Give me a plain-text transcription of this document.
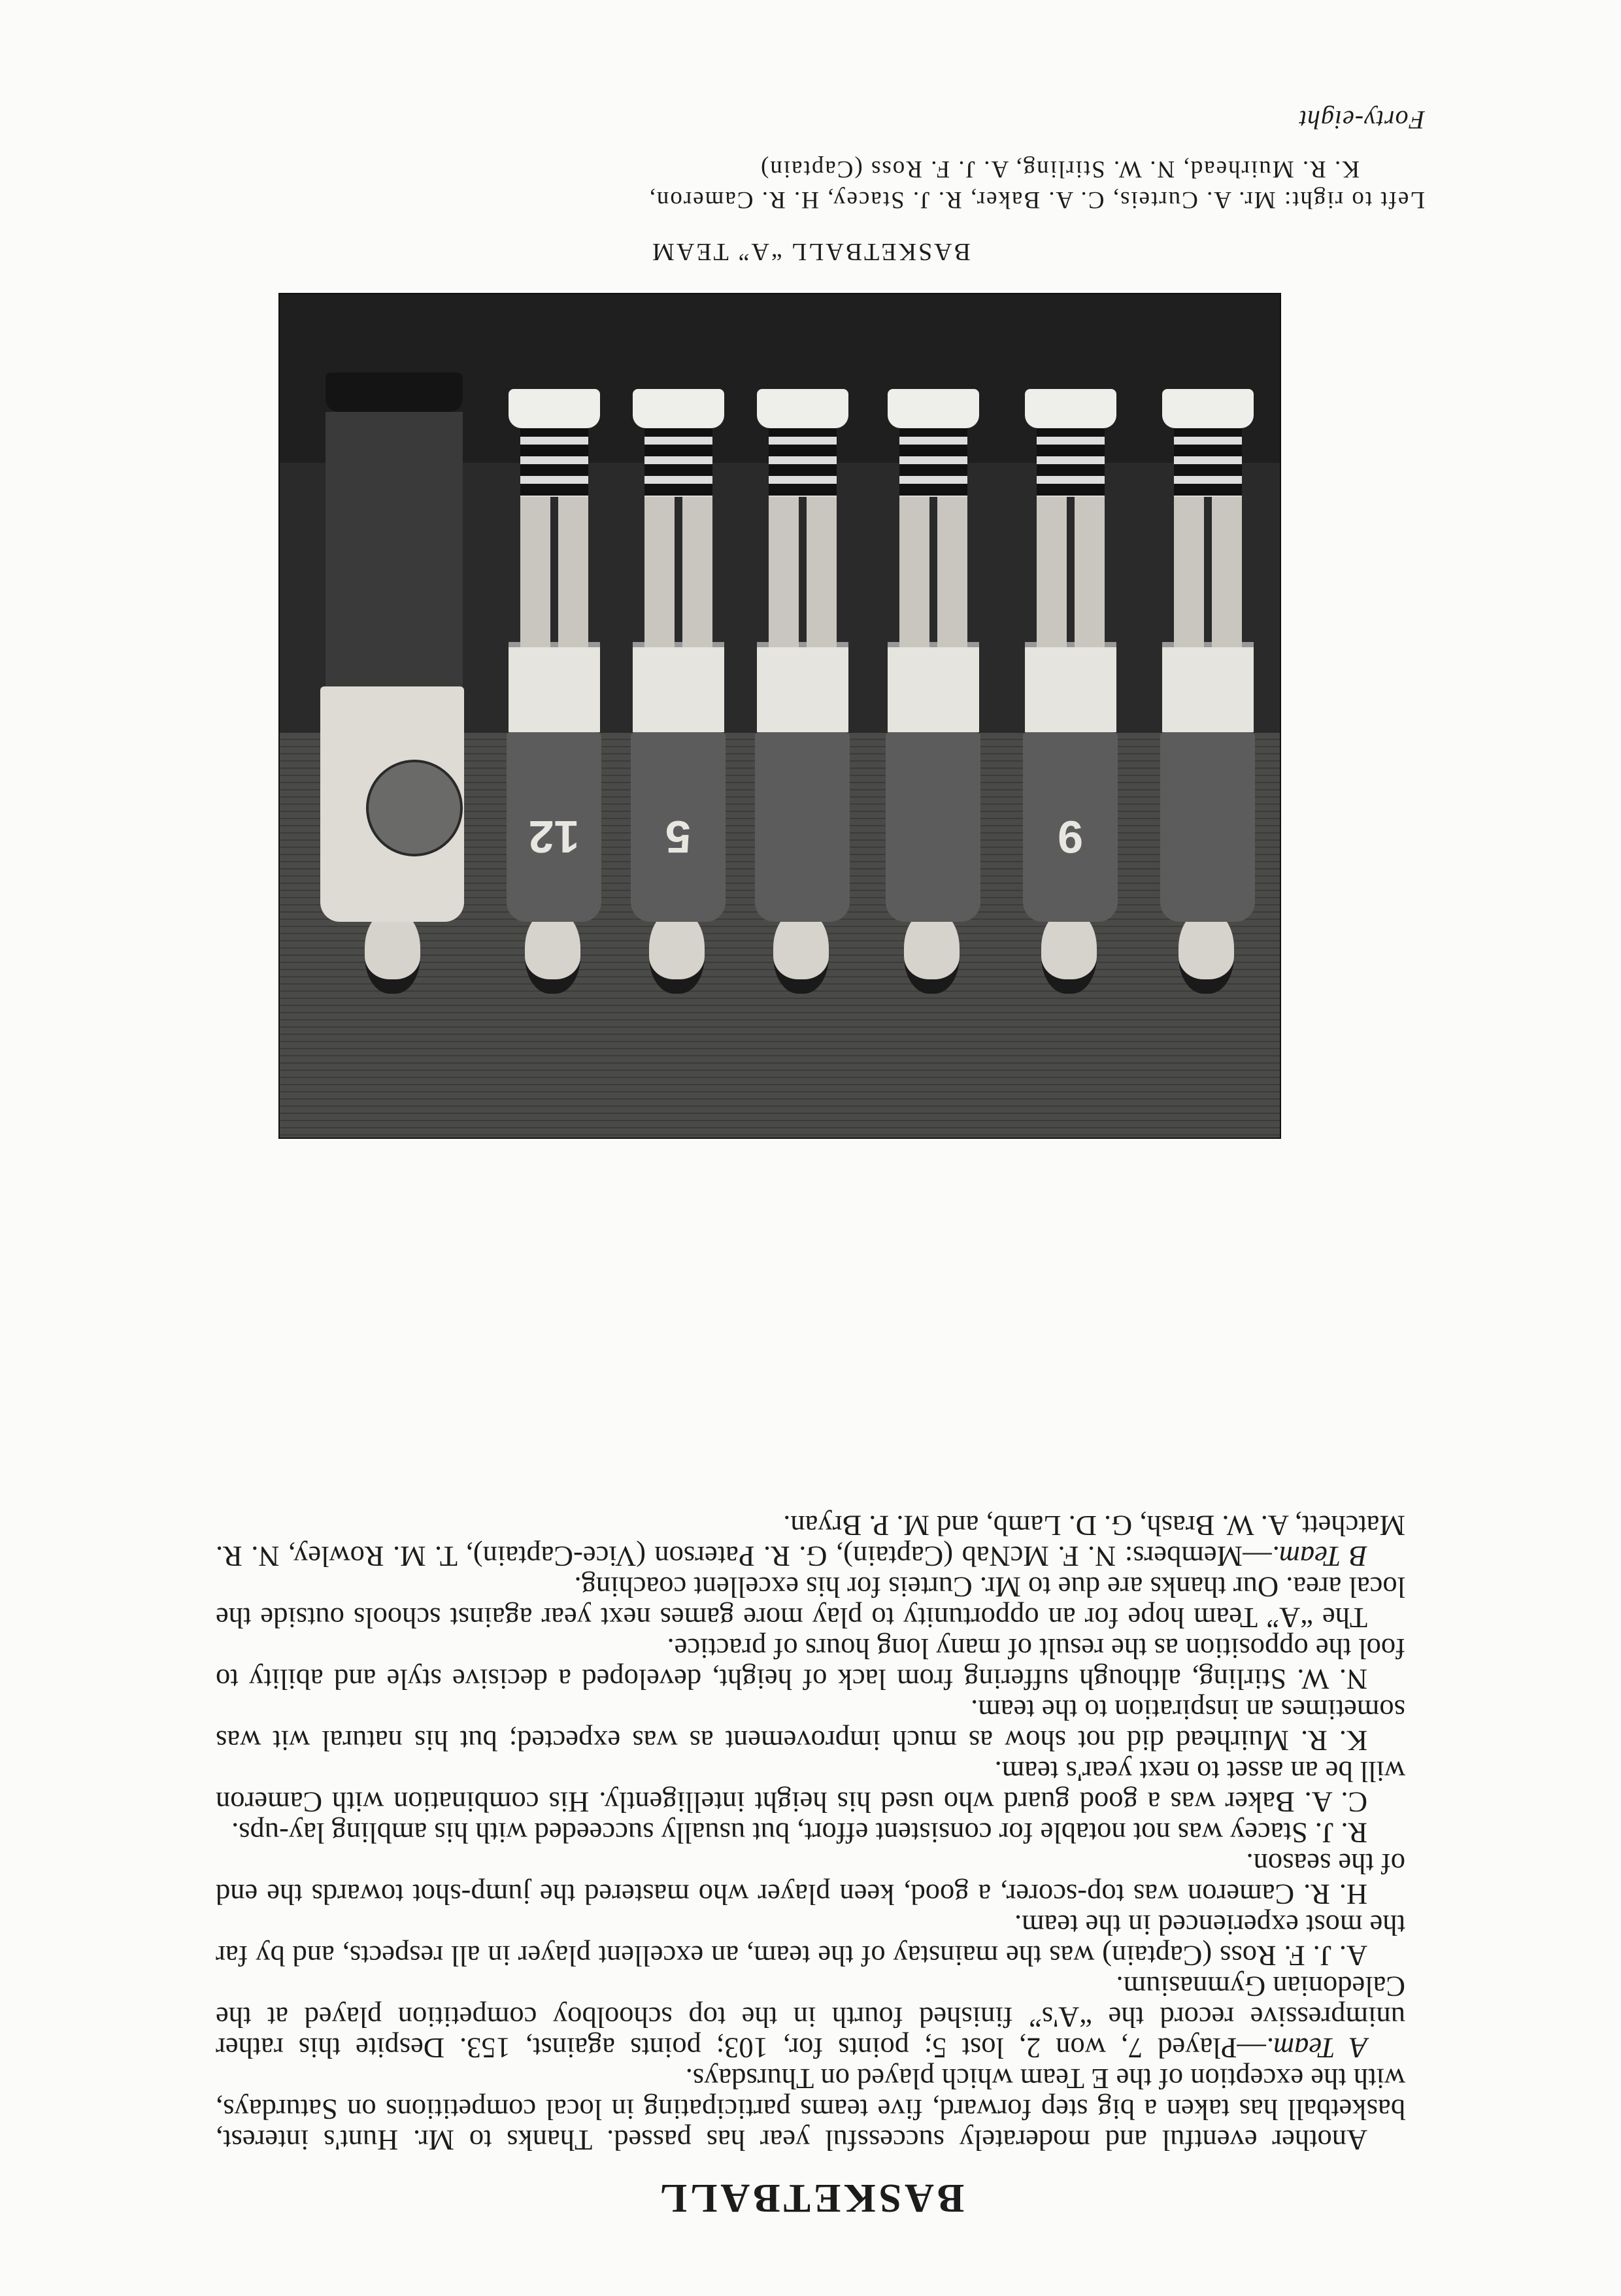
BASKETBALL

Another eventful and moderately successful year has passed. Thanks to Mr. Hunt's interest, basketball has taken a big step forward, five teams participating in local competitions on Saturdays, with the exception of the E Team which played on Thursdays.

A Team.—Played 7, won 2, lost 5; points for, 103; points against, 153. Despite this rather unimpressive record the “A's” finished fourth in the top schoolboy competition played at the Caledonian Gymnasium.

A. J. F. Ross (Captain) was the mainstay of the team, an excellent player in all respects, and by far the most experienced in the team.

H. R. Cameron was top-scorer, a good, keen player who mastered the jump-shot towards the end of the season.

R. J. Stacey was not notable for consistent effort, but usually succeeded with his ambling lay-ups.

C. A. Baker was a good guard who used his height intelligently. His combination with Cameron will be an asset to next year's team.

K. R. Muirhead did not show as much improvement as was expected; but his natural wit was sometimes an inspiration to the team.

N. W. Stirling, although suffering from lack of height, developed a decisive style and ability to fool the opposition as the result of many long hours of practice.

The “A” Team hope for an opportunity to play more games next year against schools outside the local area. Our thanks are due to Mr. Curteis for his excellent coaching.

B Team.—Members: N. F. McNab (Captain), G. R. Paterson (Vice-Captain), T. M. Rowley, N. R. Matchett, A. W. Brash, G. D. Lamb, and M. P. Bryan.

9
5
12
BASKETBALL “A” TEAM
Left to right: Mr. A. Curteis, C. A. Baker, R. J. Stacey, H. R. Cameron,
K. R. Muirhead, N. W. Stirling, A. J. F. Ross (Captain)
Forty-eight
